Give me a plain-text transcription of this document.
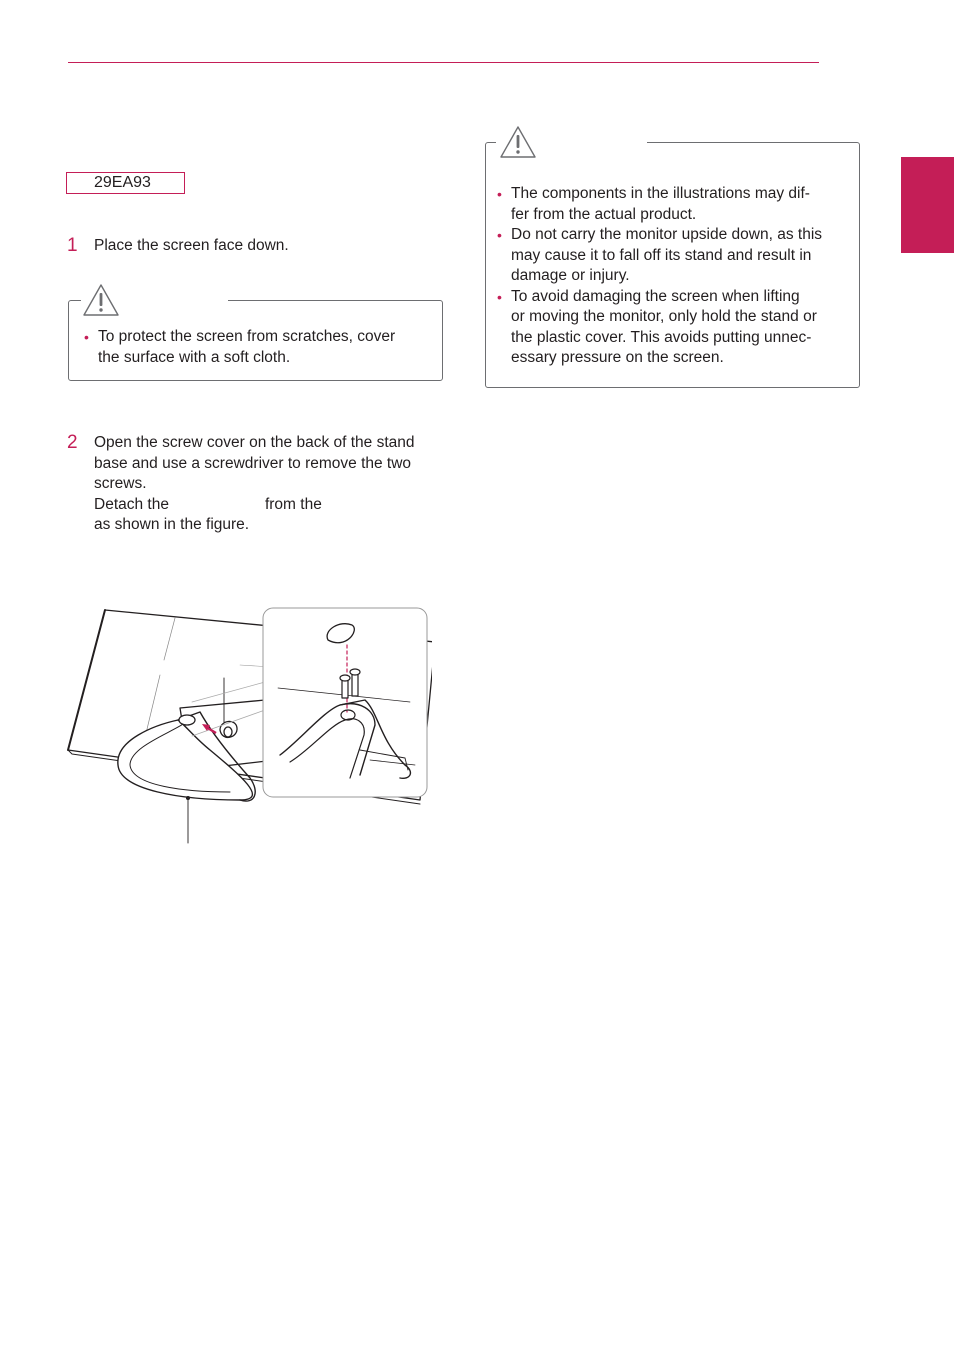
29EA93
1 Place the screen face down.
• To protect the screen from scratches, cover
the surface with a soft cloth.
2 Open the screw cover on the back of the stand
base and use a screwdriver to remove the two
screws.
Detach the	from the
as shown in the figure.
• The components in the illustrations may dif-
fer from the actual product.
• Do not carry the monitor upside down, as this
may cause it to fall off its stand and result in
damage or injury.
• To avoid damaging the screen when lifting
or moving the monitor, only hold the stand or
the plastic cover. This avoids putting unnec-
essary pressure on the screen.
